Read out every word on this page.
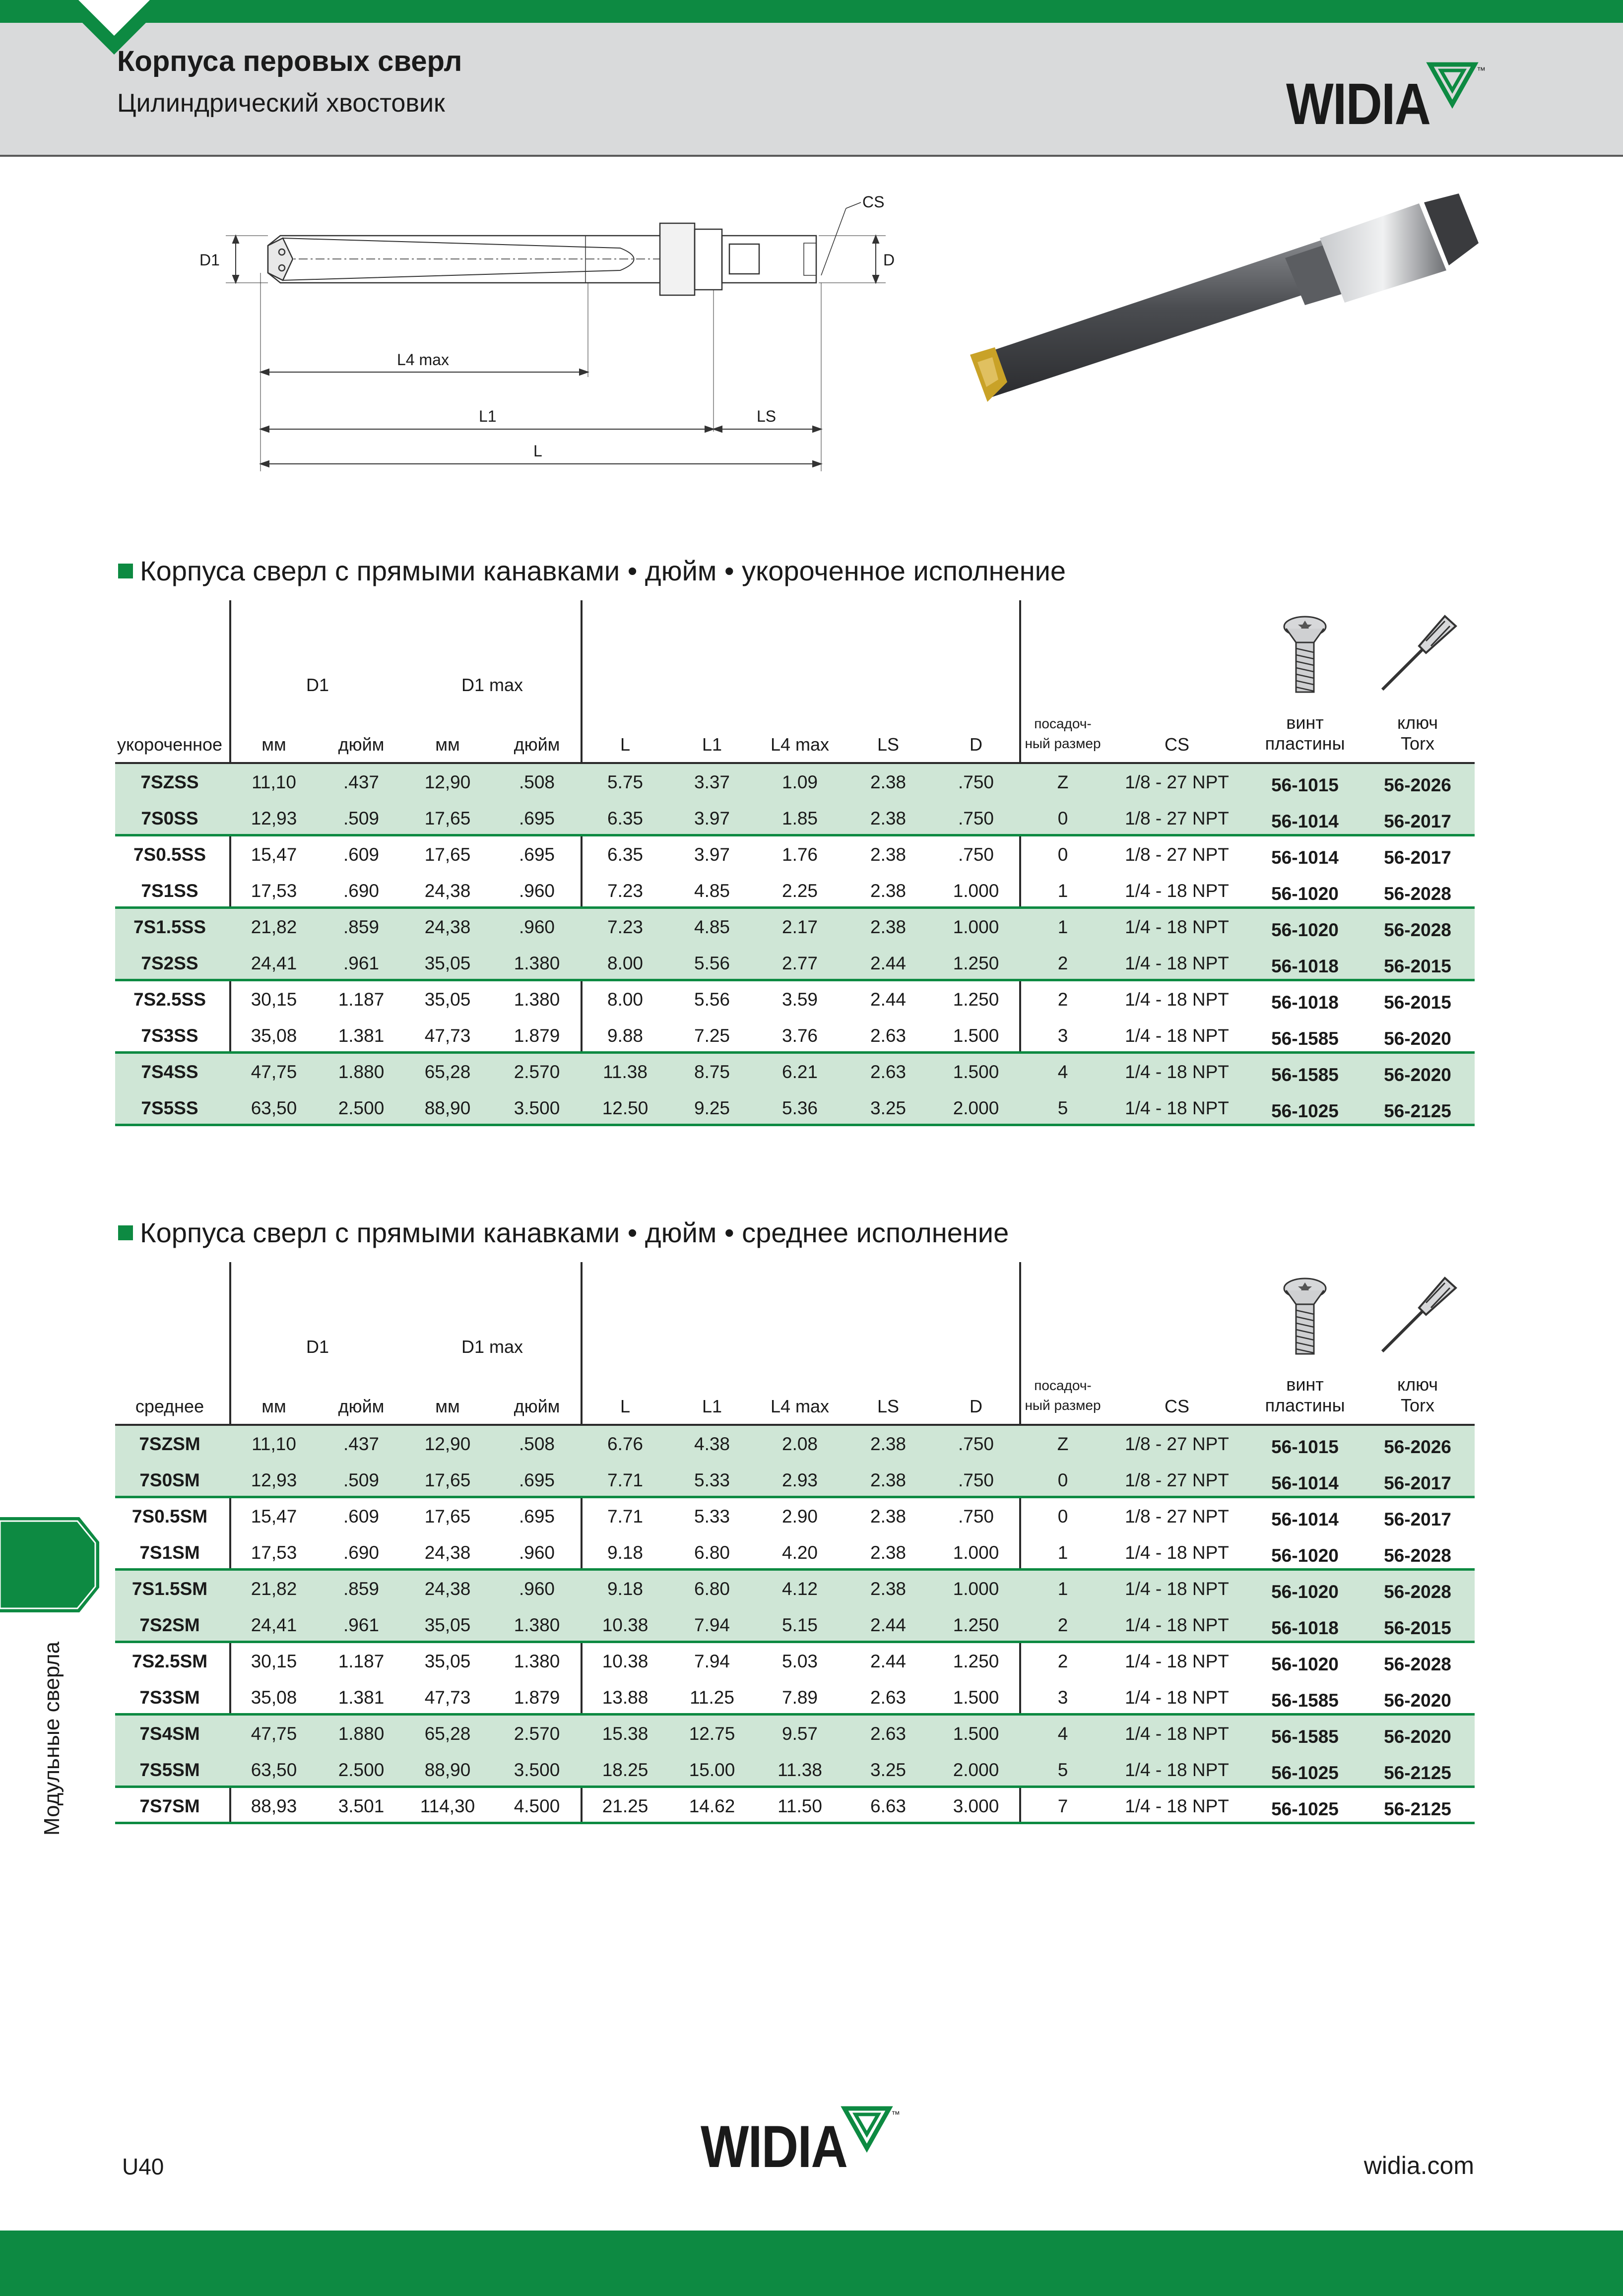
Корпуса перовых сверл
Цилиндрический хвостовик	WIDIA
™
CS
D1	D
L4 max
L1	LS
L
Корпуса сверл с прямыми канавками • дюйм • укороченное исполнение
D1	D1 max
укороченное мм	дюйм	мм	дюйм	L	L1	L4 max	LS	D	CS
посадоч-
ный размер
винт
пластины
ключ
Torx
7SZSS	11,10	.437 12,90	.508	5.75	3.37	1.09	2.38	.750	Z	1/8 - 27 NPT 56-1015 56-2026
7S0SS	12,93	.509 17,65	.695	6.35	3.97	1.85	2.38	.750	0	1/8 - 27 NPT 56-1014 56-2017
7S0.5SS 15,47	.609 17,65	.695	6.35	3.97	1.76	2.38	.750	0	1/8 - 27 NPT 56-1014 56-2017
7S1SS	17,53	.690 24,38	.960	7.23	4.85	2.25	2.38	1.000	1	1/4 - 18 NPT 56-1020 56-2028
7S1.5SS 21,82	.859 24,38	.960	7.23	4.85	2.17	2.38	1.000	1	1/4 - 18 NPT 56-1020 56-2028
7S2SS	24,41	.961 35,05 1.380	8.00	5.56	2.77	2.44	1.250	2	1/4 - 18 NPT 56-1018 56-2015
7S2.5SS 30,15 1.187 35,05 1.380	8.00	5.56	3.59	2.44	1.250	2	1/4 - 18 NPT 56-1018 56-2015
7S3SS	35,08 1.381 47,73 1.879	9.88	7.25	3.76	2.63	1.500	3	1/4 - 18 NPT 56-1585 56-2020
7S4SS	47,75 1.880 65,28 2.570 11.38	8.75	6.21	2.63	1.500	4	1/4 - 18 NPT 56-1585 56-2020
7S5SS	63,50 2.500 88,90 3.500 12.50	9.25	5.36	3.25	2.000	5	1/4 - 18 NPT 56-1025 56-2125
Корпуса сверл с прямыми канавками • дюйм • среднее исполнение
D1	D1 max
среднее	мм	дюйм	мм	дюйм	L	L1	L4 max	LS	D	CS
посадоч-
ный размер
винт
пластины
ключ
Torx
7SZSM	11,10	.437 12,90	.508	6.76	4.38	2.08	2.38	.750	Z	1/8 - 27 NPT 56-1015 56-2026
7S0SM	12,93	.509 17,65	.695	7.71	5.33	2.93	2.38	.750	0	1/8 - 27 NPT 56-1014 56-2017
7S0.5SM 15,47	.609 17,65	.695	7.71	5.33	2.90	2.38	.750	0	1/8 - 27 NPT 56-1014 56-2017
7S1SM	17,53	.690 24,38	.960	9.18	6.80	4.20	2.38	1.000	1	1/4 - 18 NPT 56-1020 56-2028
7S1.5SM 21,82	.859 24,38	.960	9.18	6.80	4.12	2.38	1.000	1	1/4 - 18 NPT 56-1020 56-2028
7S2SM	24,41	.961 35,05 1.380 10.38	7.94	5.15	2.44	1.250	2	1/4 - 18 NPT 56-1018 56-2015
7S2.5SM 30,15 1.187 35,05 1.380 10.38	7.94	5.03	2.44	1.250	2	1/4 - 18 NPT 56-1020 56-2028
7S3SM	35,08 1.381 47,73 1.879 13.88 11.25	7.89	2.63	1.500	3	1/4 - 18 NPT 56-1585 56-2020
7S4SM	47,75 1.880 65,28 2.570 15.38 12.75	9.57	2.63	1.500	4	1/4 - 18 NPT 56-1585 56-2020
7S5SM	63,50 2.500 88,90 3.500 18.25 15.00 11.38	3.25	2.000	5	1/4 - 18 NPT 56-1025 56-2125
7S7SM	88,93 3.501 114,30 4.500 21.25 14.62 11.50	6.63	3.000	7	1/4 - 18 NPT 56-1025 56-2125
Модульные сверла
U40	WIDIA	™
widia.com
